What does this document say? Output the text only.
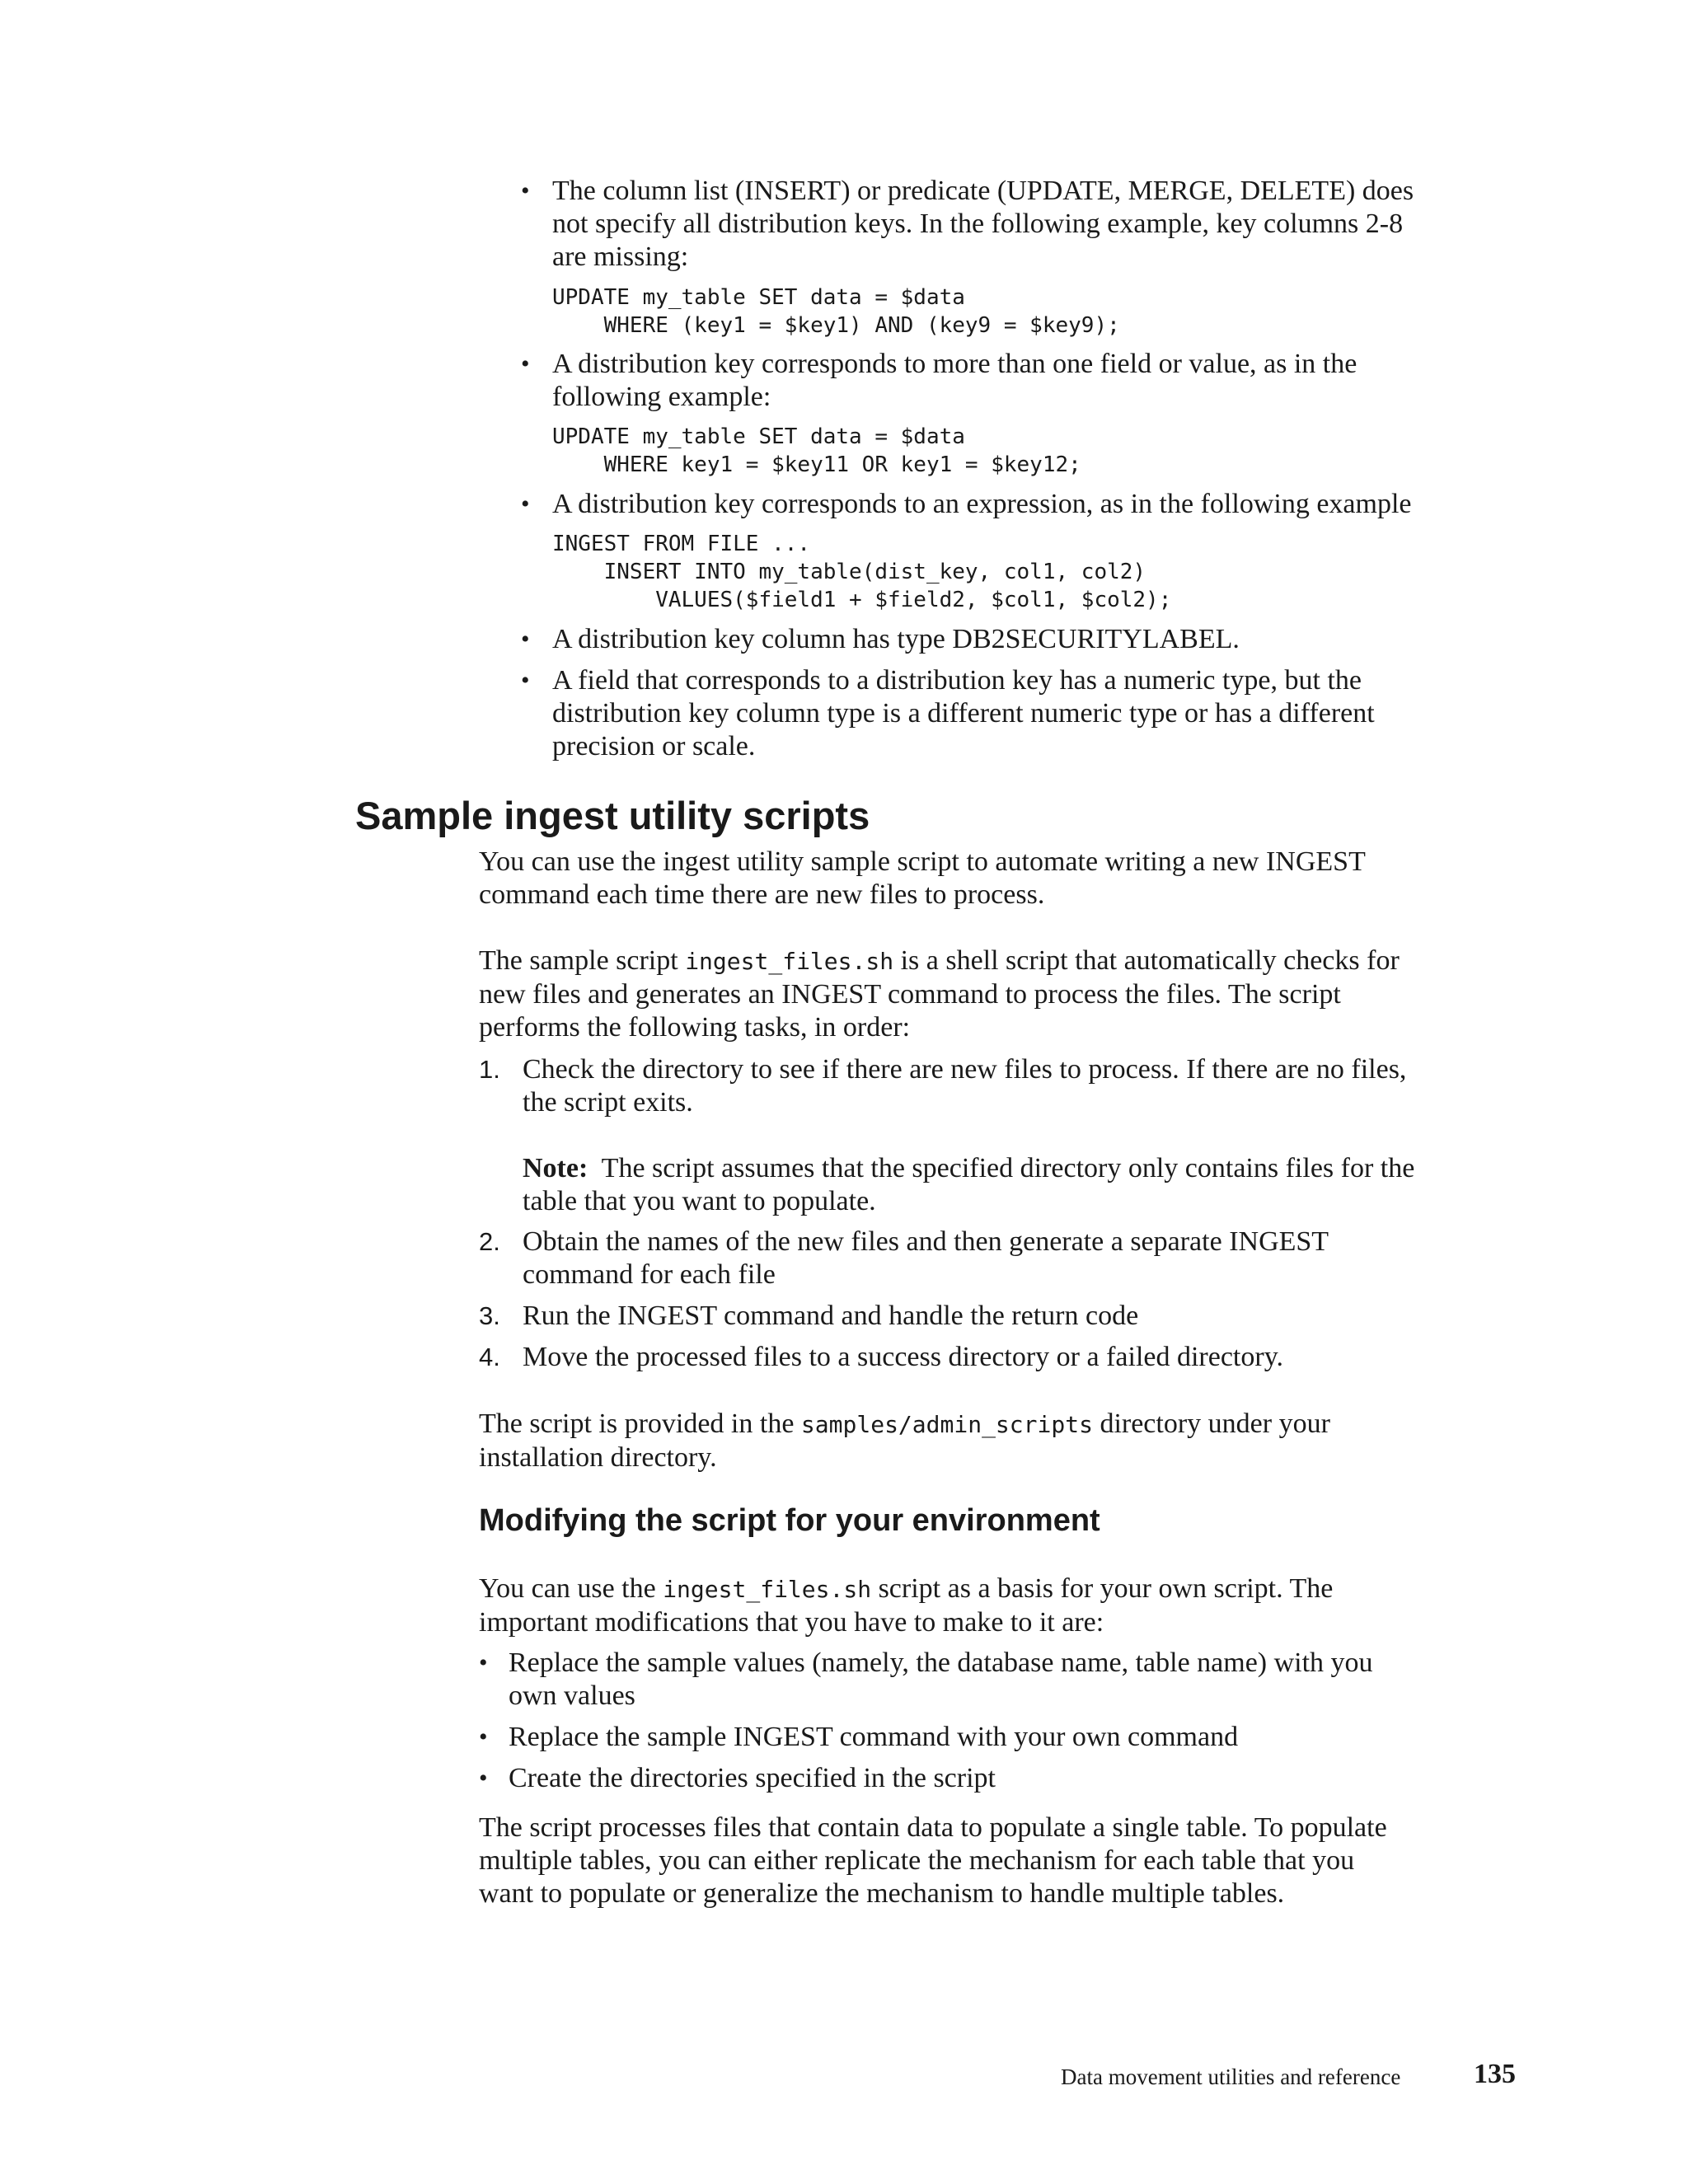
• The column list (INSERT) or predicate (UPDATE, MERGE, DELETE) does
not specify all distribution keys. In the following example, key columns 2-8
are missing:
UPDATE my_table SET data = $data
WHERE (key1 = $key1) AND (key9 = $key9);
• A distribution key corresponds to more than one field or value, as in the
following example:
UPDATE my_table SET data = $data
WHERE key1 = $key11 OR key1 = $key12;
• A distribution key corresponds to an expression, as in the following example
INGEST FROM FILE ...
INSERT INTO my_table(dist_key, col1, col2)
VALUES($field1 + $field2, $col1, $col2);
• A distribution key column has type DB2SECURITYLABEL.
• A field that corresponds to a distribution key has a numeric type, but the
distribution key column type is a different numeric type or has a different
precision or scale.
Sample ingest utility scripts
You can use the ingest utility sample script to automate writing a new INGEST
command each time there are new files to process.
The sample script ingest_files.sh is a shell script that automatically checks for
new files and generates an INGEST command to process the files. The script
performs the following tasks, in order:
1. Check the directory to see if there are new files to process. If there are no files,
the script exits.
Note:  The script assumes that the specified directory only contains files for the
table that you want to populate.
2. Obtain the names of the new files and then generate a separate INGEST
command for each file
3. Run the INGEST command and handle the return code
4. Move the processed files to a success directory or a failed directory.
The script is provided in the samples/admin_scripts directory under your
installation directory.
Modifying the script for your environment
You can use the ingest_files.sh script as a basis for your own script. The
important modifications that you have to make to it are:
• Replace the sample values (namely, the database name, table name) with you
own values
• Replace the sample INGEST command with your own command
• Create the directories specified in the script
The script processes files that contain data to populate a single table. To populate
multiple tables, you can either replicate the mechanism for each table that you
want to populate or generalize the mechanism to handle multiple tables.
Data movement utilities and reference	135
